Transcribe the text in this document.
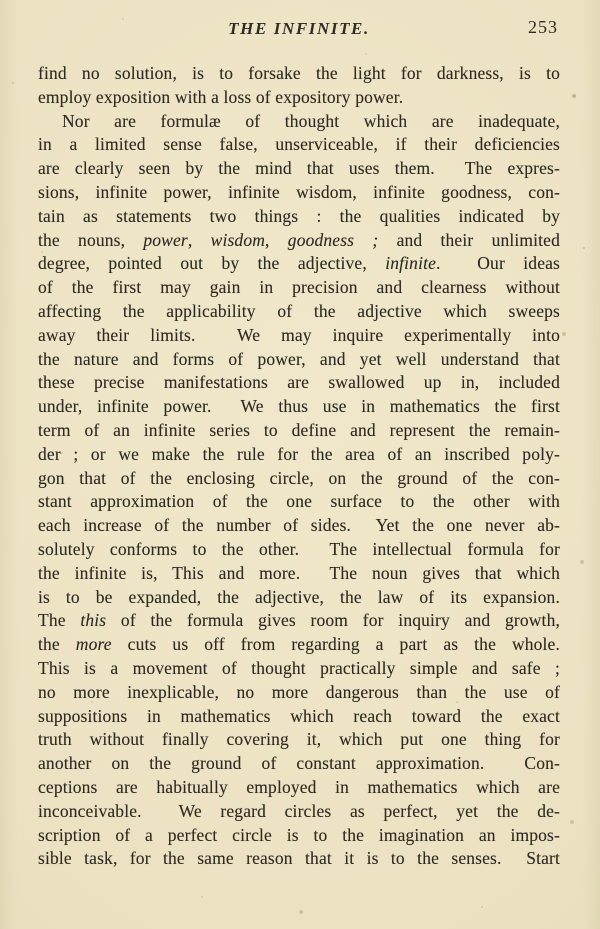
THE INFINITE.	253
find no solution, is to forsake the light for darkness, is to
employ exposition with a loss of expository power.
Nor are formulæ of thought which are inadequate,
in a limited sense false, unserviceable, if their deficiencies
are clearly seen by the mind that uses them.  The expres-
sions, infinite power, infinite wisdom, infinite goodness, con-
tain as statements two things : the qualities indicated by
the nouns, power, wisdom, goodness ; and their unlimited
degree, pointed out by the adjective, infinite.  Our ideas
of the first may gain in precision and clearness without
affecting the applicability of the adjective which sweeps
away their limits.  We may inquire experimentally into
the nature and forms of power, and yet well understand that
these precise manifestations are swallowed up in, included
under, infinite power.  We thus use in mathematics the first
term of an infinite series to define and represent the remain-
der ; or we make the rule for the area of an inscribed poly-
gon that of the enclosing circle, on the ground of the con-
stant approximation of the one surface to the other with
each increase of the number of sides.  Yet the one never ab-
solutely conforms to the other.  The intellectual formula for
the infinite is, This and more.  The noun gives that which
is to be expanded, the adjective, the law of its expansion.
The this of the formula gives room for inquiry and growth,
the more cuts us off from regarding a part as the whole.
This is a movement of thought practically simple and safe ;
no more inexplicable, no more dangerous than the use of
suppositions in mathematics which reach toward the exact
truth without finally covering it, which put one thing for
another on the ground of constant approximation.  Con-
ceptions are habitually employed in mathematics which are
inconceivable.  We regard circles as perfect, yet the de-
scription of a perfect circle is to the imagination an impos-
sible task, for the same reason that it is to the senses.  Start
